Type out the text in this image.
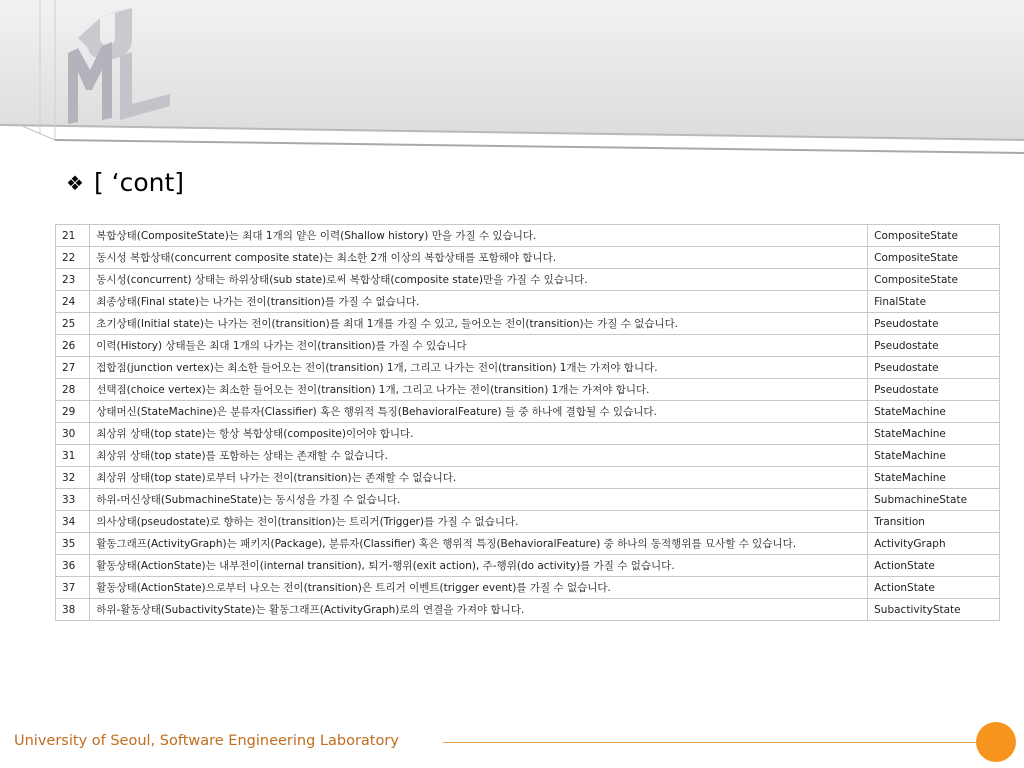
❖ [ ‘cont]
21	복합상태(CompositeState)는 최대 1개의 얕은 이력(Shallow history) 만을 가질 수 있습니다.	CompositeState
22	동시성 복합상태(concurrent composite state)는 최소한 2개 이상의 복합상태를 포함해야 합니다.	CompositeState
23	동시성(concurrent) 상태는 하위상태(sub state)로써 복합상태(composite state)만을 가질 수 있습니다.	CompositeState
24	최종상태(Final state)는 나가는 전이(transition)를 가질 수 없습니다.	FinalState
25	초기상태(Initial state)는 나가는 전이(transition)를 최대 1개를 가질 수 있고, 들어오는 전이(transition)는 가질 수 없습니다.	Pseudostate
26	이력(History) 상태들은 최대 1개의 나가는 전이(transition)를 가질 수 있습니다	Pseudostate
27	접합점(junction vertex)는 최소한 들어오는 전이(transition) 1개, 그리고 나가는 전이(transition) 1개는 가져야 합니다.	Pseudostate
28	선택점(choice vertex)는 최소한 들어오는 전이(transition) 1개, 그리고 나가는 전이(transition) 1개는 가져야 합니다.	Pseudostate
29	상태머신(StateMachine)은 분류자(Classifier) 혹은 행위적 특징(BehavioralFeature) 들 중 하나에 결합될 수 있습니다.	StateMachine
30	최상위 상태(top state)는 항상 복합상태(composite)이어야 합니다.	StateMachine
31	최상위 상태(top state)를 포함하는 상태는 존재할 수 없습니다.	StateMachine
32	최상위 상태(top state)로부터 나가는 전이(transition)는 존재할 수 없습니다.	StateMachine
33	하위-머신상태(SubmachineState)는 동시성을 가질 수 없습니다.	SubmachineState
34	의사상태(pseudostate)로 향하는 전이(transition)는 트리거(Trigger)를 가질 수 없습니다.	Transition
35	활동그래프(ActivityGraph)는 패키지(Package), 분류자(Classifier) 혹은 행위적 특징(BehavioralFeature) 중 하나의 동적행위를 묘사할 수 있습니다.	ActivityGraph
36	활동상태(ActionState)는 내부전이(internal transition), 퇴거-행위(exit action), 주-행위(do activity)를 가질 수 없습니다.	ActionState
37	활동상태(ActionState)으로부터 나오는 전이(transition)은 트리거 이벤트(trigger event)를 가질 수 없습니다.	ActionState
38	하위-활동상태(SubactivityState)는 활동그래프(ActivityGraph)로의 연결을 가져야 합니다.	SubactivityState
University of Seoul, Software Engineering Laboratory
